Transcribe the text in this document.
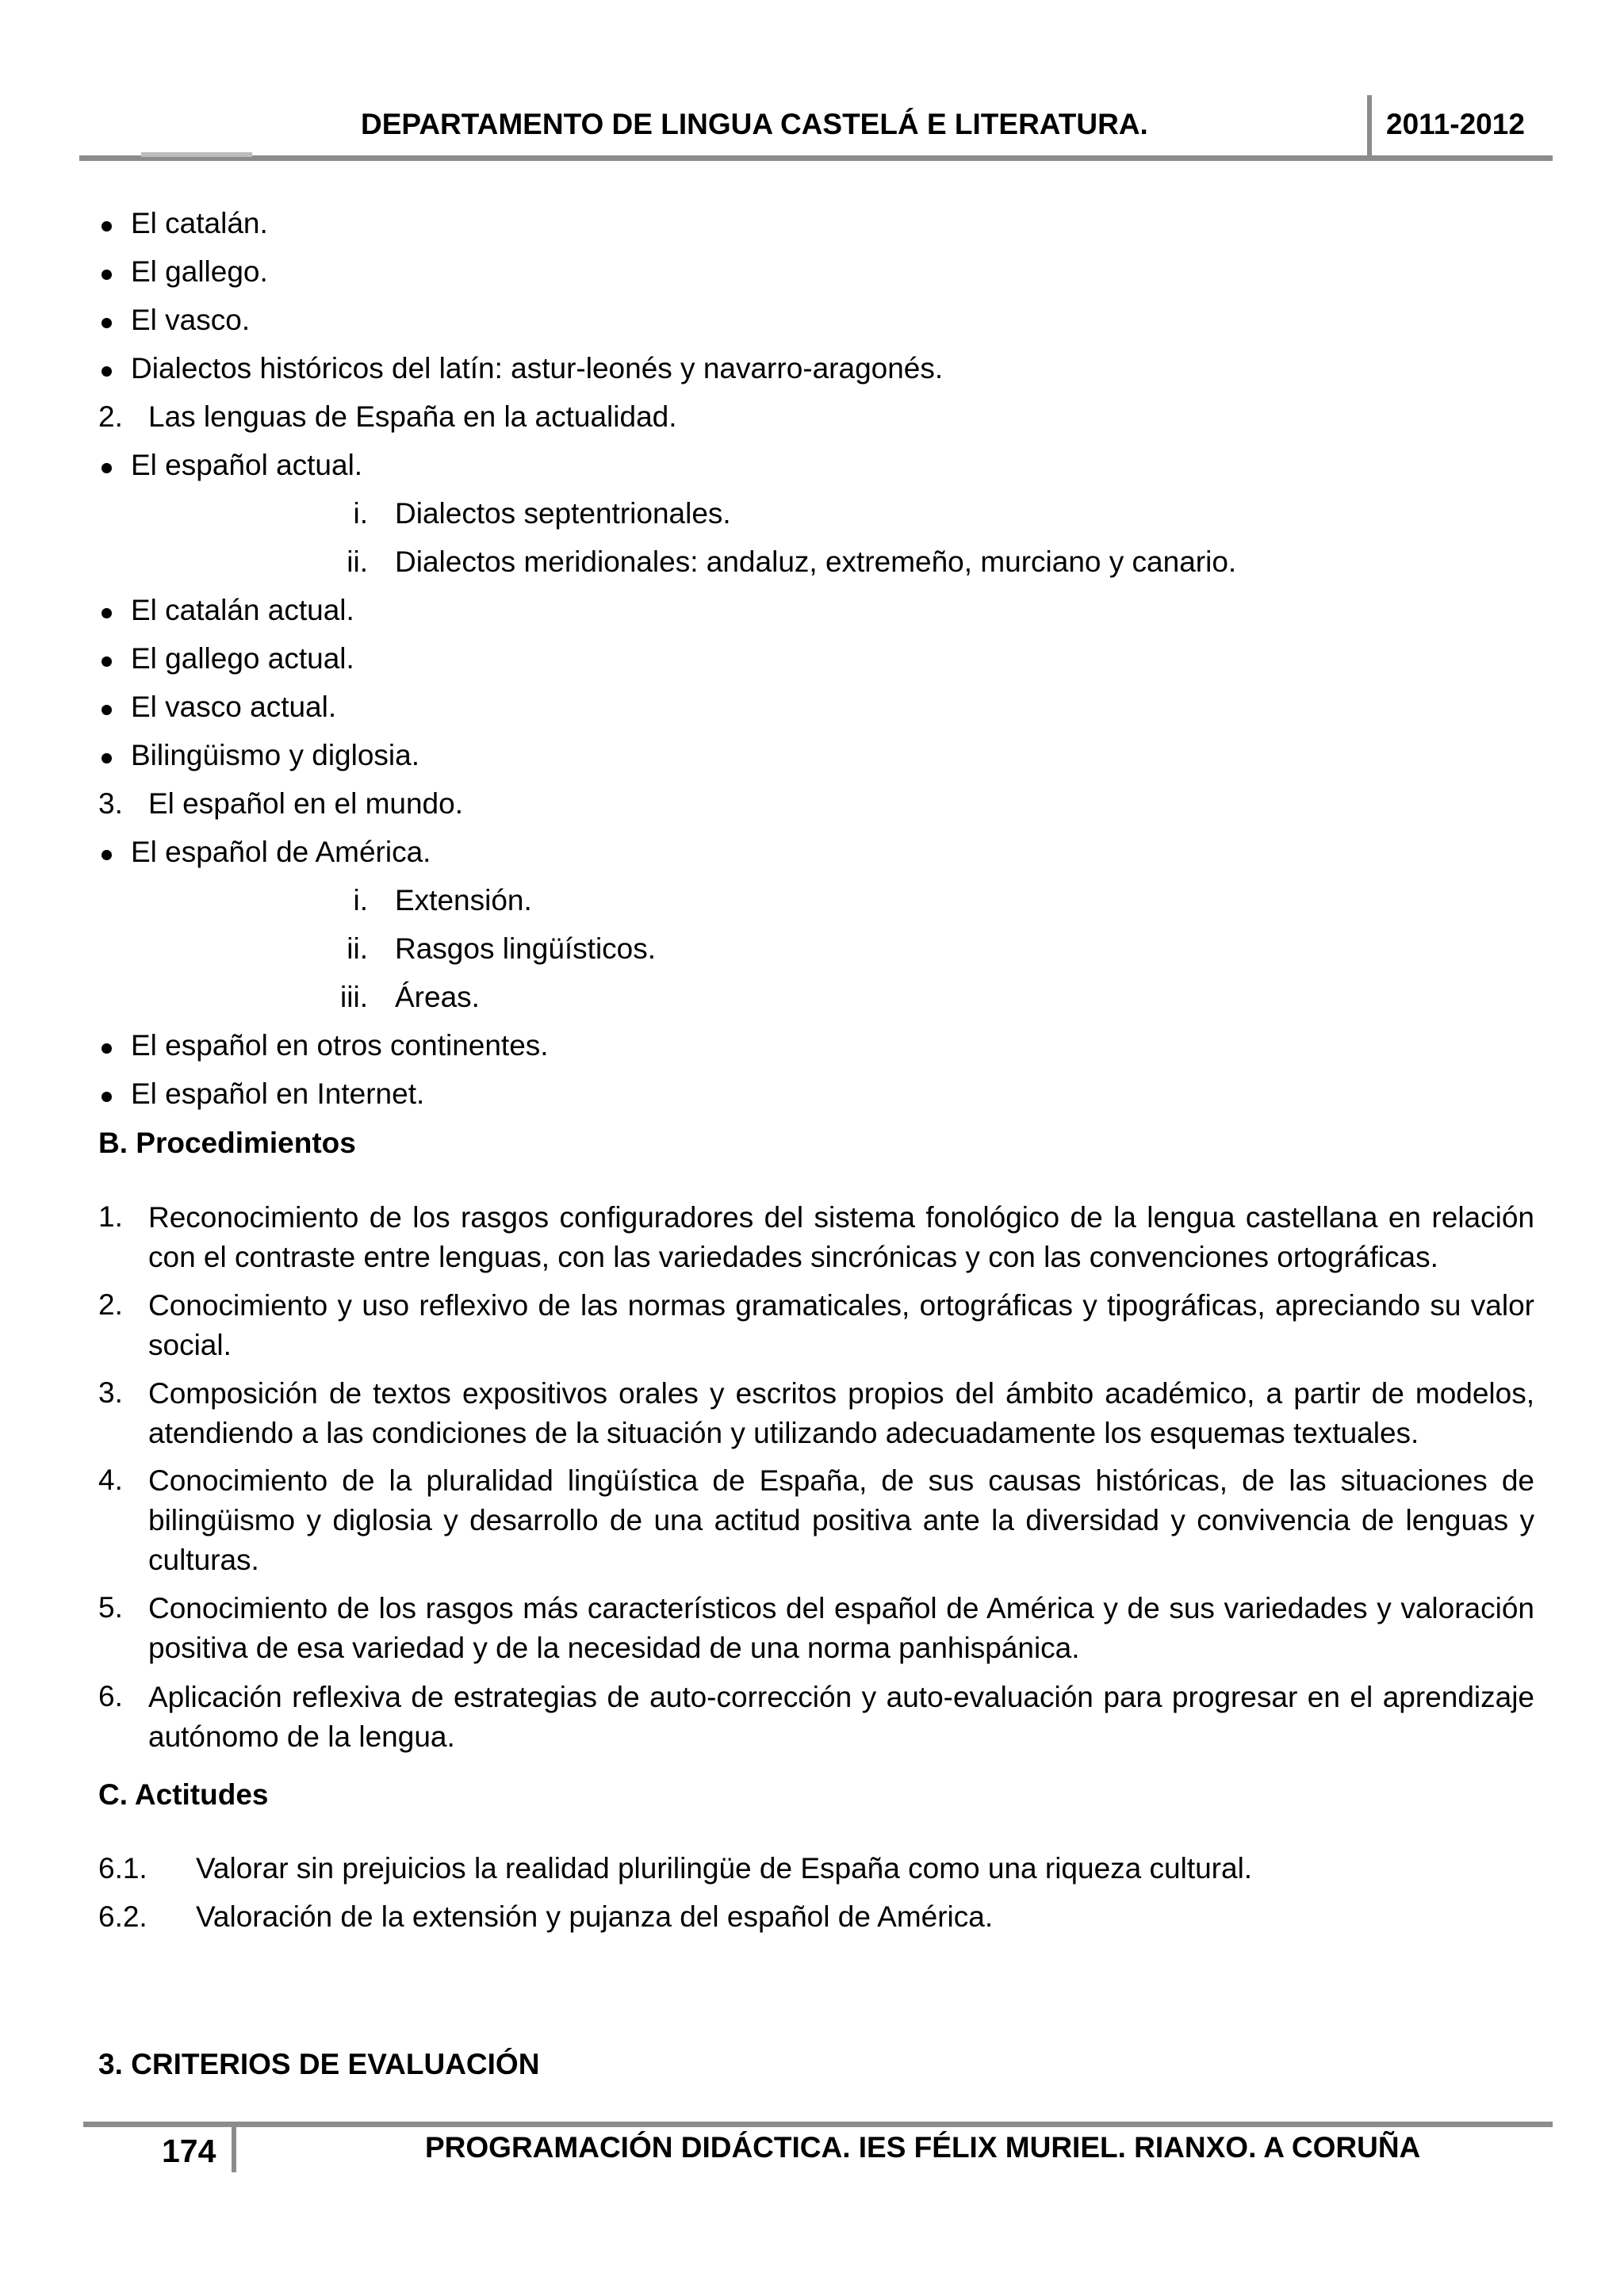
DEPARTAMENTO DE LINGUA CASTELÁ E LITERATURA.	2011-2012
El catalán.
El gallego.
El vasco.
Dialectos históricos del latín: astur-leonés y navarro-aragonés.
2. Las lenguas de España en la actualidad.
El español actual.
i. Dialectos septentrionales.
ii. Dialectos meridionales: andaluz, extremeño, murciano y canario.
El catalán actual.
El gallego actual.
El vasco actual.
Bilingüismo y diglosia.
3. El español en el mundo.
El español de América.
i. Extensión.
ii. Rasgos lingüísticos.
iii. Áreas.
El español en otros continentes.
El español en Internet.
B. Procedimientos
1. Reconocimiento de los rasgos configuradores del sistema fonológico de la lengua castellana en relación con el contraste entre lenguas, con las variedades sincrónicas y con las convenciones ortográficas.
2. Conocimiento y uso reflexivo de las normas gramaticales, ortográficas y tipográficas, apreciando su valor social.
3. Composición de textos expositivos orales y escritos propios del ámbito académico, a partir de modelos, atendiendo a las condiciones de la situación y utilizando adecuadamente los esquemas textuales.
4. Conocimiento de la pluralidad lingüística de España, de sus causas históricas, de las situaciones de bilingüismo y diglosia y desarrollo de una actitud positiva ante la diversidad y convivencia de lenguas y culturas.
5. Conocimiento de los rasgos más característicos del español de América y de sus variedades y valoración positiva de esa variedad y de la necesidad de una norma panhispánica.
6. Aplicación reflexiva de estrategias de auto-corrección y auto-evaluación para progresar en el aprendizaje autónomo de la lengua.
C. Actitudes
6.1. Valorar sin prejuicios la realidad plurilingüe de España como una riqueza cultural.
6.2. Valoración de la extensión y pujanza del español de América.
3. CRITERIOS DE EVALUACIÓN
174	PROGRAMACIÓN DIDÁCTICA. IES FÉLIX MURIEL. RIANXO. A CORUÑA
